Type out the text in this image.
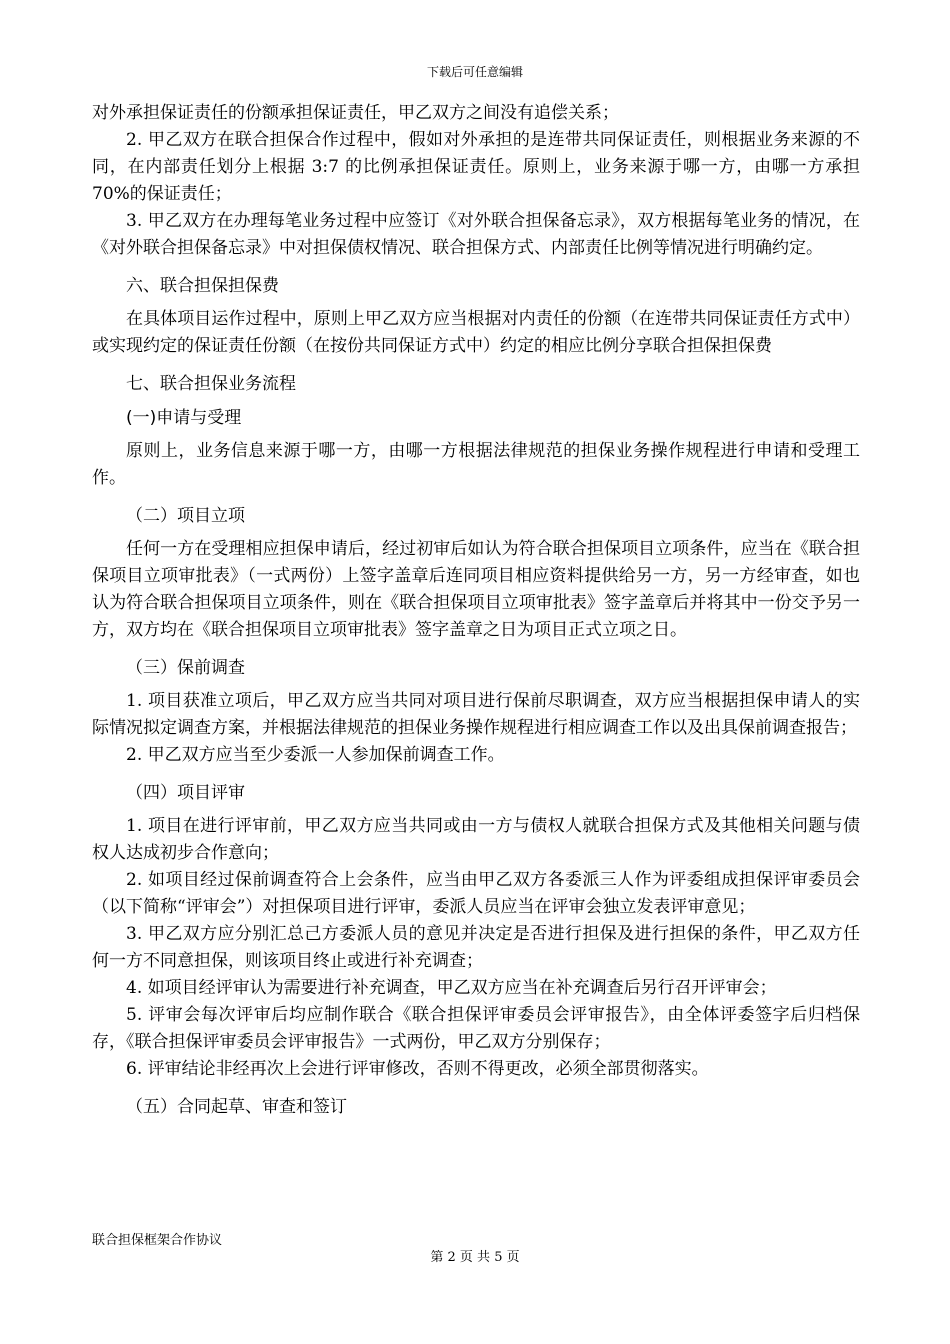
下载后可任意编辑

对外承担保证责任的份额承担保证责任，甲乙双方之间没有追偿关系；

2. 甲乙双方在联合担保合作过程中，假如对外承担的是连带共同保证责任，则根据业务来源的不同，在内部责任划分上根据 3:7 的比例承担保证责任。原则上，业务来源于哪一方，由哪一方承担 70%的保证责任；

3. 甲乙双方在办理每笔业务过程中应签订《对外联合担保备忘录》，双方根据每笔业务的情况，在《对外联合担保备忘录》中对担保债权情况、联合担保方式、内部责任比例等情况进行明确约定。

六、联合担保担保费

在具体项目运作过程中，原则上甲乙双方应当根据对内责任的份额（在连带共同保证责任方式中）或实现约定的保证责任份额（在按份共同保证方式中）约定的相应比例分享联合担保担保费

七、联合担保业务流程

(一)申请与受理

原则上，业务信息来源于哪一方，由哪一方根据法律规范的担保业务操作规程进行申请和受理工作。

（二）项目立项

任何一方在受理相应担保申请后，经过初审后如认为符合联合担保项目立项条件，应当在《联合担保项目立项审批表》（一式两份）上签字盖章后连同项目相应资料提供给另一方，另一方经审查，如也认为符合联合担保项目立项条件，则在《联合担保项目立项审批表》签字盖章后并将其中一份交予另一方，双方均在《联合担保项目立项审批表》签字盖章之日为项目正式立项之日。

（三）保前调查

1. 项目获准立项后，甲乙双方应当共同对项目进行保前尽职调查，双方应当根据担保申请人的实际情况拟定调查方案，并根据法律规范的担保业务操作规程进行相应调查工作以及出具保前调查报告；

2. 甲乙双方应当至少委派一人参加保前调查工作。

（四）项目评审

1. 项目在进行评审前，甲乙双方应当共同或由一方与债权人就联合担保方式及其他相关问题与债权人达成初步合作意向；

2. 如项目经过保前调查符合上会条件，应当由甲乙双方各委派三人作为评委组成担保评审委员会（以下简称“评审会”）对担保项目进行评审，委派人员应当在评审会独立发表评审意见；

3. 甲乙双方应分别汇总己方委派人员的意见并决定是否进行担保及进行担保的条件，甲乙双方任何一方不同意担保，则该项目终止或进行补充调查；

4. 如项目经评审认为需要进行补充调查，甲乙双方应当在补充调查后另行召开评审会；

5. 评审会每次评审后均应制作联合《联合担保评审委员会评审报告》，由全体评委签字后归档保存，《联合担保评审委员会评审报告》一式两份，甲乙双方分别保存；

6. 评审结论非经再次上会进行评审修改，否则不得更改，必须全部贯彻落实。

（五）合同起草、审查和签订

联合担保框架合作协议
第 2 页 共 5 页
